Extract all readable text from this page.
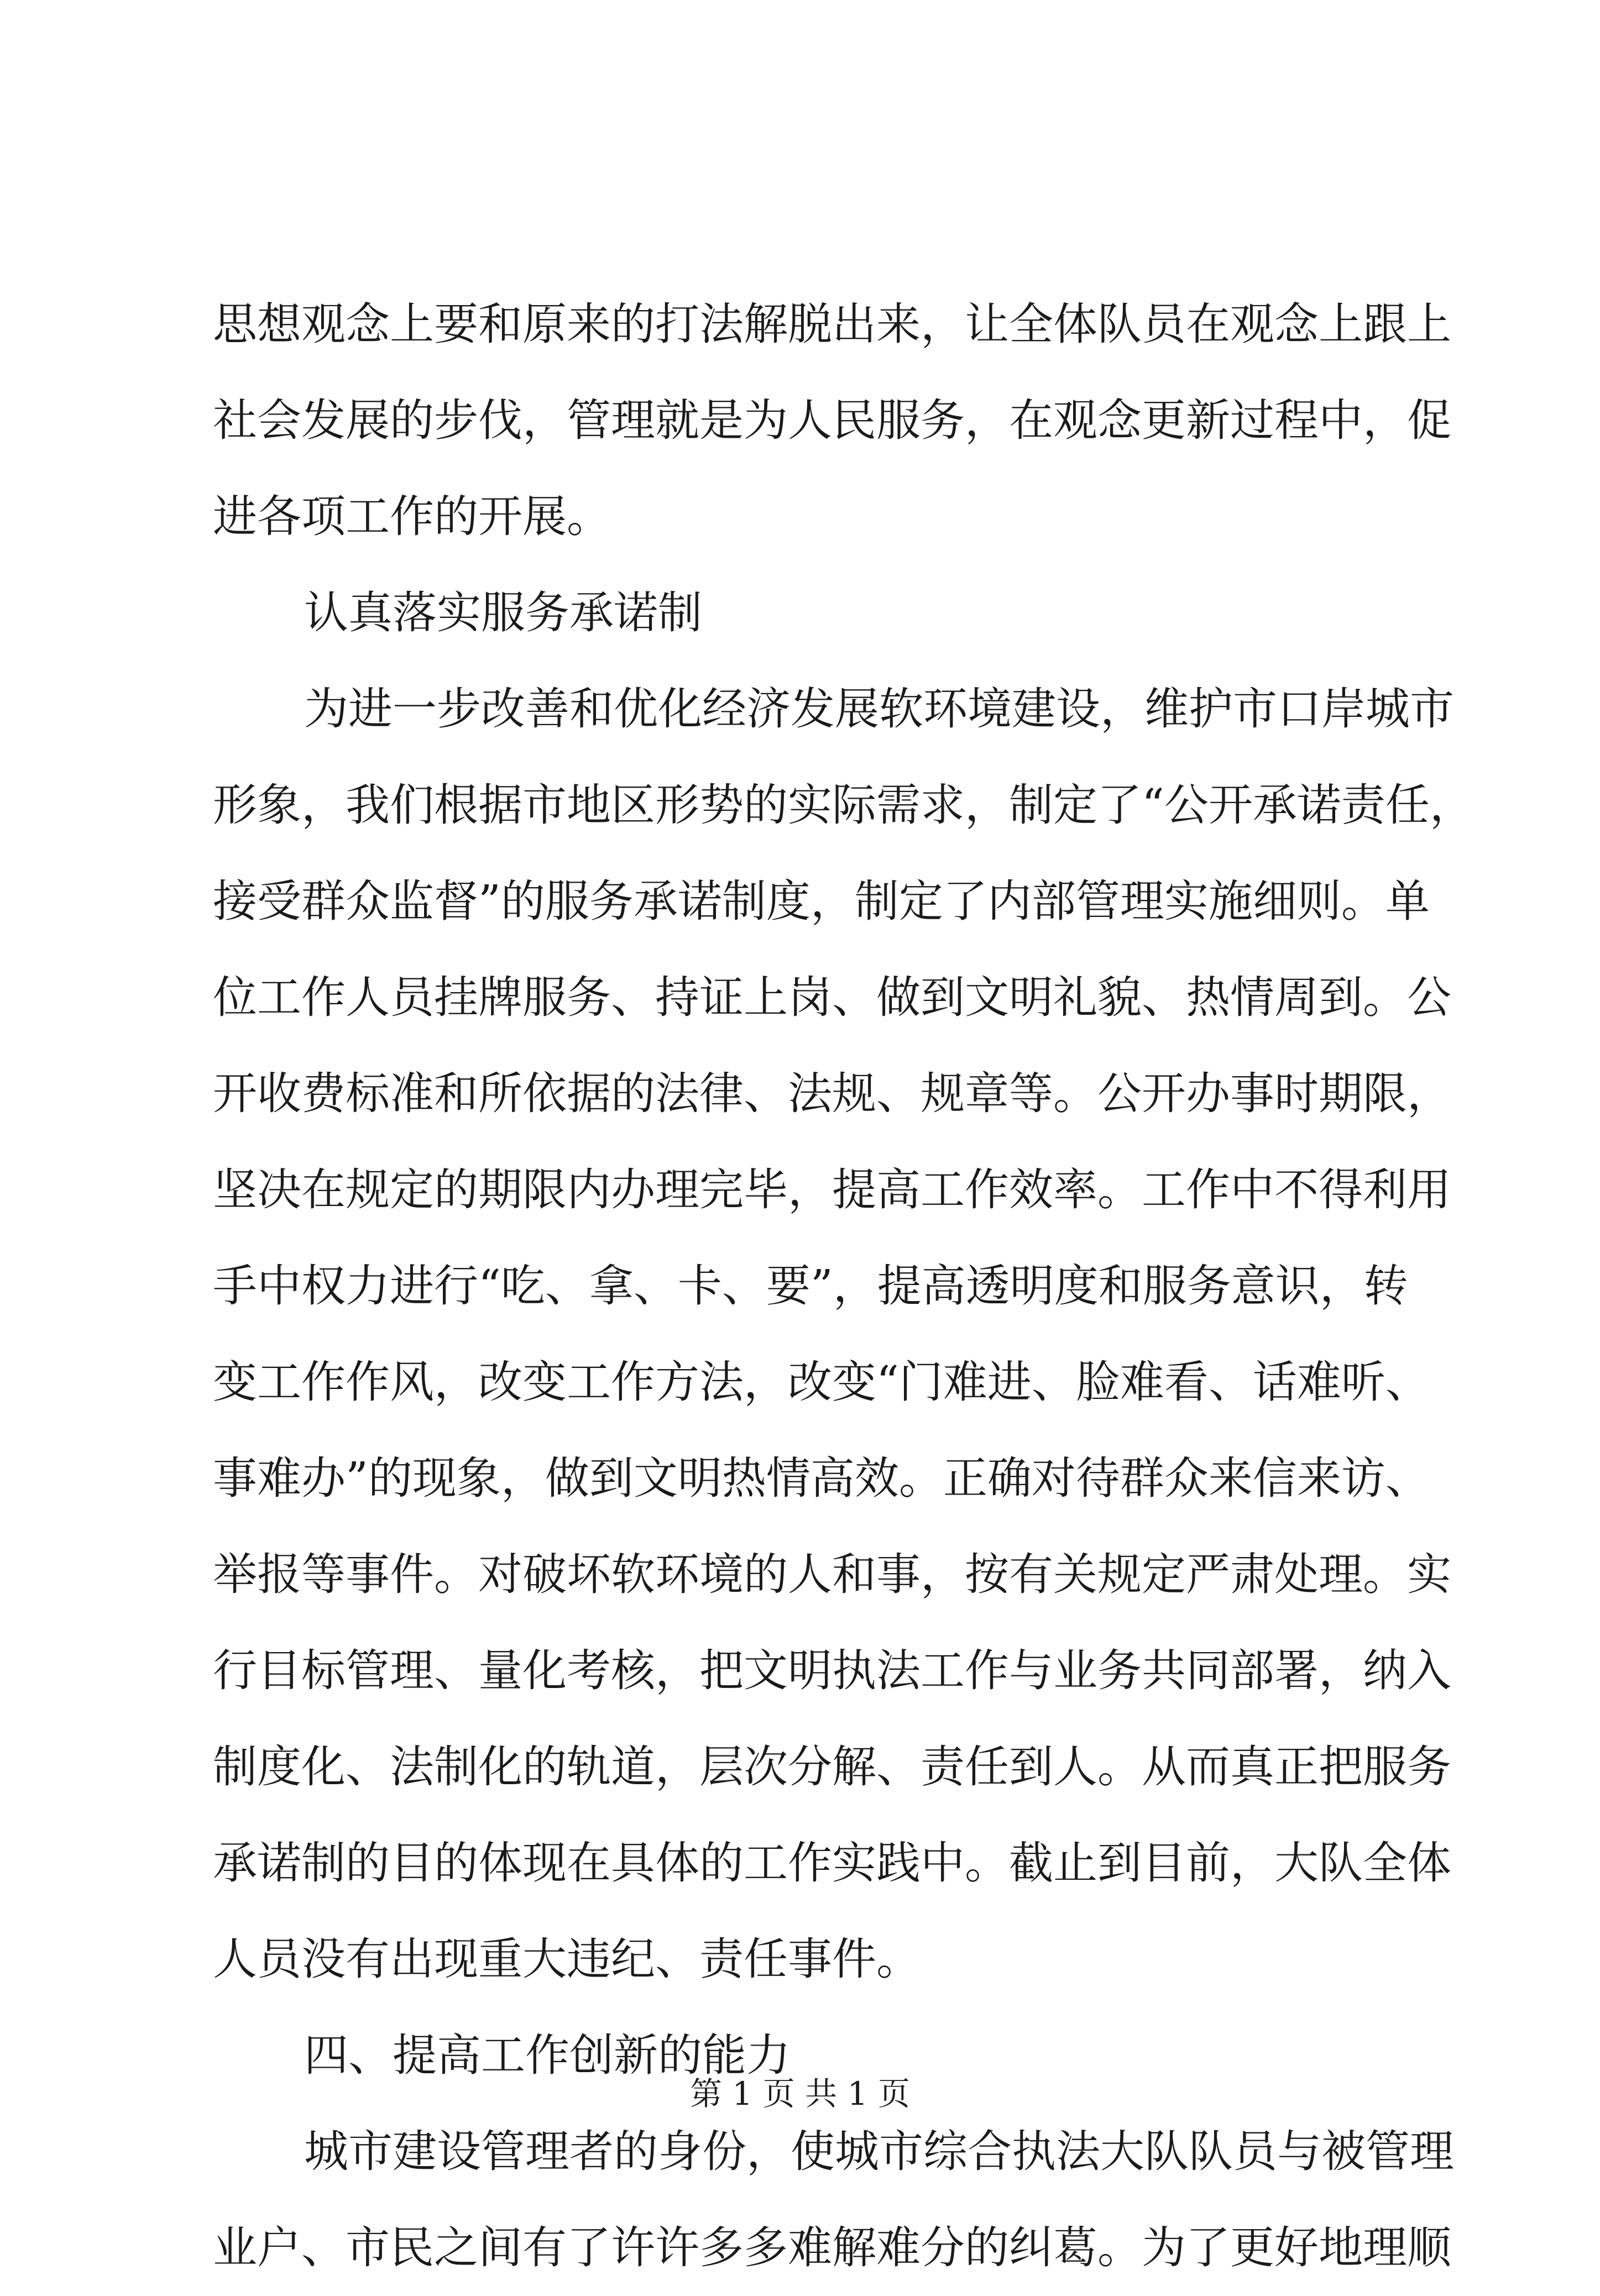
思想观念上要和原来的打法解脱出来，让全体队员在观念上跟上
社会发展的步伐，管理就是为人民服务，在观念更新过程中，促
进各项工作的开展。
认真落实服务承诺制
为进一步改善和优化经济发展软环境建设，维护市口岸城市
形象，我们根据市地区形势的实际需求，制定了“公开承诺责任，
接受群众监督”的服务承诺制度，制定了内部管理实施细则。单
位工作人员挂牌服务、持证上岗、做到文明礼貌、热情周到。公
开收费标准和所依据的法律、法规、规章等。公开办事时期限，
坚决在规定的期限内办理完毕，提高工作效率。工作中不得利用
手中权力进行“吃、拿、卡、要”，提高透明度和服务意识，转
变工作作风，改变工作方法，改变“门难进、脸难看、话难听、
事难办”的现象，做到文明热情高效。正确对待群众来信来访、
举报等事件。对破坏软环境的人和事，按有关规定严肃处理。实
行目标管理、量化考核，把文明执法工作与业务共同部署，纳入
制度化、法制化的轨道，层次分解、责任到人。从而真正把服务
承诺制的目的体现在具体的工作实践中。截止到目前，大队全体
人员没有出现重大违纪、责任事件。
四、提高工作创新的能力
城市建设管理者的身份，使城市综合执法大队队员与被管理
业户、市民之间有了许许多多难解难分的纠葛。为了更好地理顺
第 1 页 共 1 页
